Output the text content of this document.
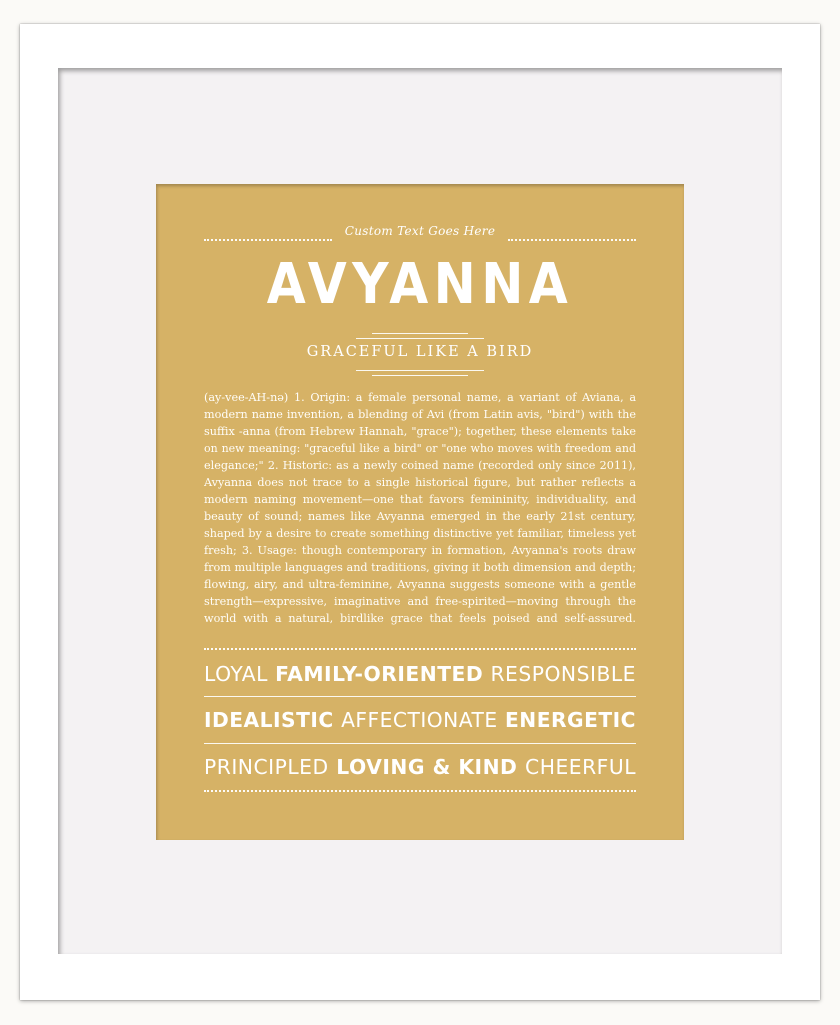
Custom Text Goes Here
AVYANNA
GRACEFUL LIKE A BIRD
(ay-vee-AH-nə) 1. Origin: a female personal name, a variant of Aviana, a
modern name invention, a blending of Avi (from Latin avis, "bird") with the
suffix -anna (from Hebrew Hannah, "grace"); together, these elements take
on new meaning: "graceful like a bird" or "one who moves with freedom and
elegance;" 2. Historic: as a newly coined name (recorded only since 2011),
Avyanna does not trace to a single historical figure, but rather reflects a
modern naming movement—one that favors femininity, individuality, and
beauty of sound; names like Avyanna emerged in the early 21st century,
shaped by a desire to create something distinctive yet familiar, timeless yet
fresh; 3. Usage: though contemporary in formation, Avyanna's roots draw
from multiple languages and traditions, giving it both dimension and depth;
flowing, airy, and ultra-feminine, Avyanna suggests someone with a gentle
strength—expressive, imaginative and free-spirited—moving through the
world with a natural, birdlike grace that feels poised and self-assured.
LOYAL FAMILY-ORIENTED RESPONSIBLE
IDEALISTIC AFFECTIONATE ENERGETIC
PRINCIPLED LOVING & KIND CHEERFUL
